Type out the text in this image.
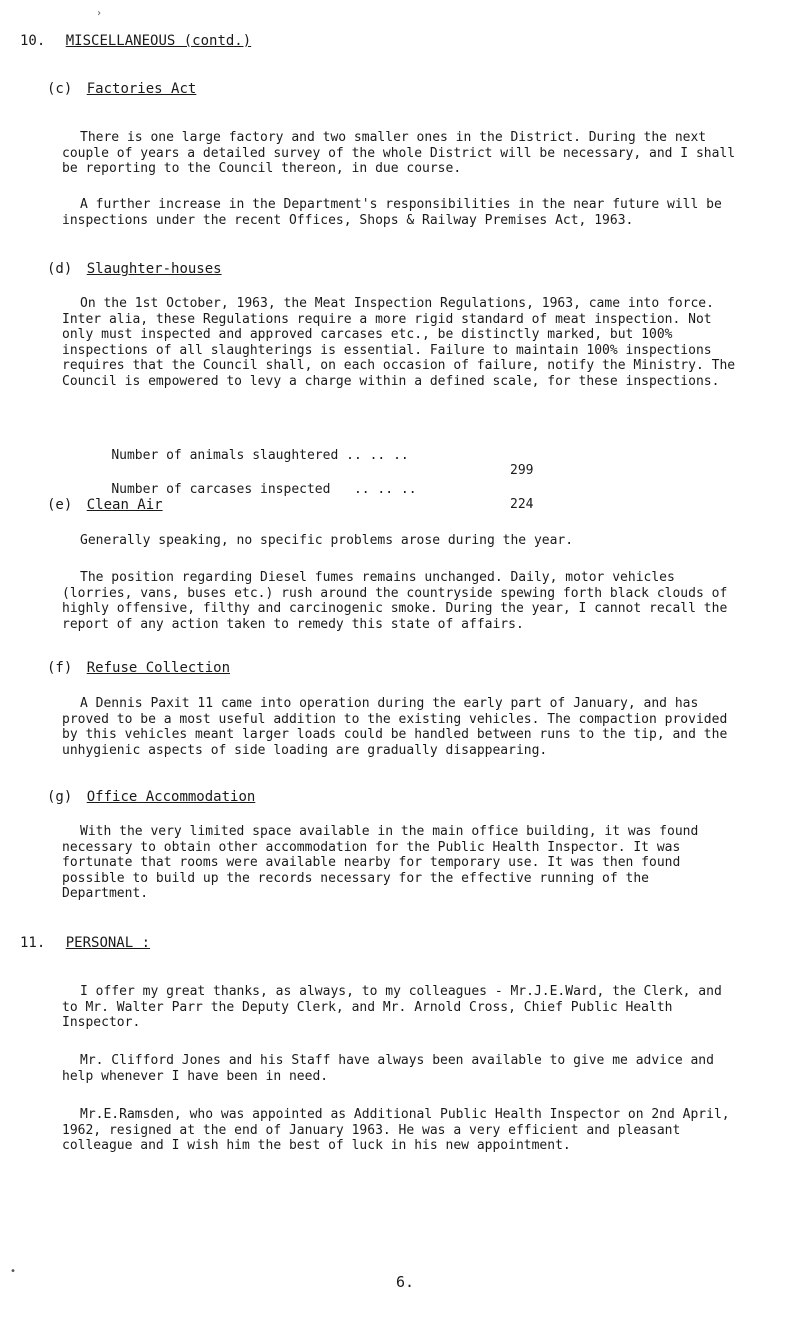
10. MISCELLANEOUS (contd.)
(c) Factories Act

There is one large factory and two smaller ones in the District. During the next couple of years a detailed survey of the whole District will be necessary, and I shall be reporting to the Council thereon, in due course.

A further increase in the Department's responsibilities in the near future will be inspections under the recent Offices, Shops & Railway Premises Act, 1963.

(d) Slaughter-houses

On the 1st October, 1963, the Meat Inspection Regulations, 1963, came into force. Inter alia, these Regulations require a more rigid standard of meat inspection. Not only must inspected and approved carcases etc., be distinctly marked, but 100% inspections of all slaughterings is essential. Failure to maintain 100% inspections requires that the Council shall, on each occasion of failure, notify the Ministry. The Council is empowered to levy a charge within a defined scale, for these inspections.

Number of animals slaughtered .. .. ..

299

Number of carcases inspected   .. .. ..

224

(e) Clean Air

Generally speaking, no specific problems arose during the year.

The position regarding Diesel fumes remains unchanged. Daily, motor vehicles (lorries, vans, buses etc.) rush around the countryside spewing forth black clouds of highly offensive, filthy and carcinogenic smoke. During the year, I cannot recall the report of any action taken to remedy this state of affairs.

(f) Refuse Collection

A Dennis Paxit 11 came into operation during the early part of January, and has proved to be a most useful addition to the existing vehicles. The compaction provided by this vehicles meant larger loads could be handled between runs to the tip, and the unhygienic aspects of side loading are gradually disappearing.

(g) Office Accommodation

With the very limited space available in the main office building, it was found necessary to obtain other accommodation for the Public Health Inspector. It was fortunate that rooms were available nearby for temporary use. It was then found possible to build up the records necessary for the effective running of the Department.

11. PERSONAL :

I offer my great thanks, as always, to my colleagues - Mr.J.E.Ward, the Clerk, and to Mr. Walter Parr the Deputy Clerk, and Mr. Arnold Cross, Chief Public Health Inspector.

Mr. Clifford Jones and his Staff have always been available to give me advice and help whenever I have been in need.

Mr.E.Ramsden, who was appointed as Additional Public Health Inspector on 2nd April, 1962, resigned at the end of January 1963. He was a very efficient and pleasant colleague and I wish him the best of luck in his new appointment.

6.
›
•
